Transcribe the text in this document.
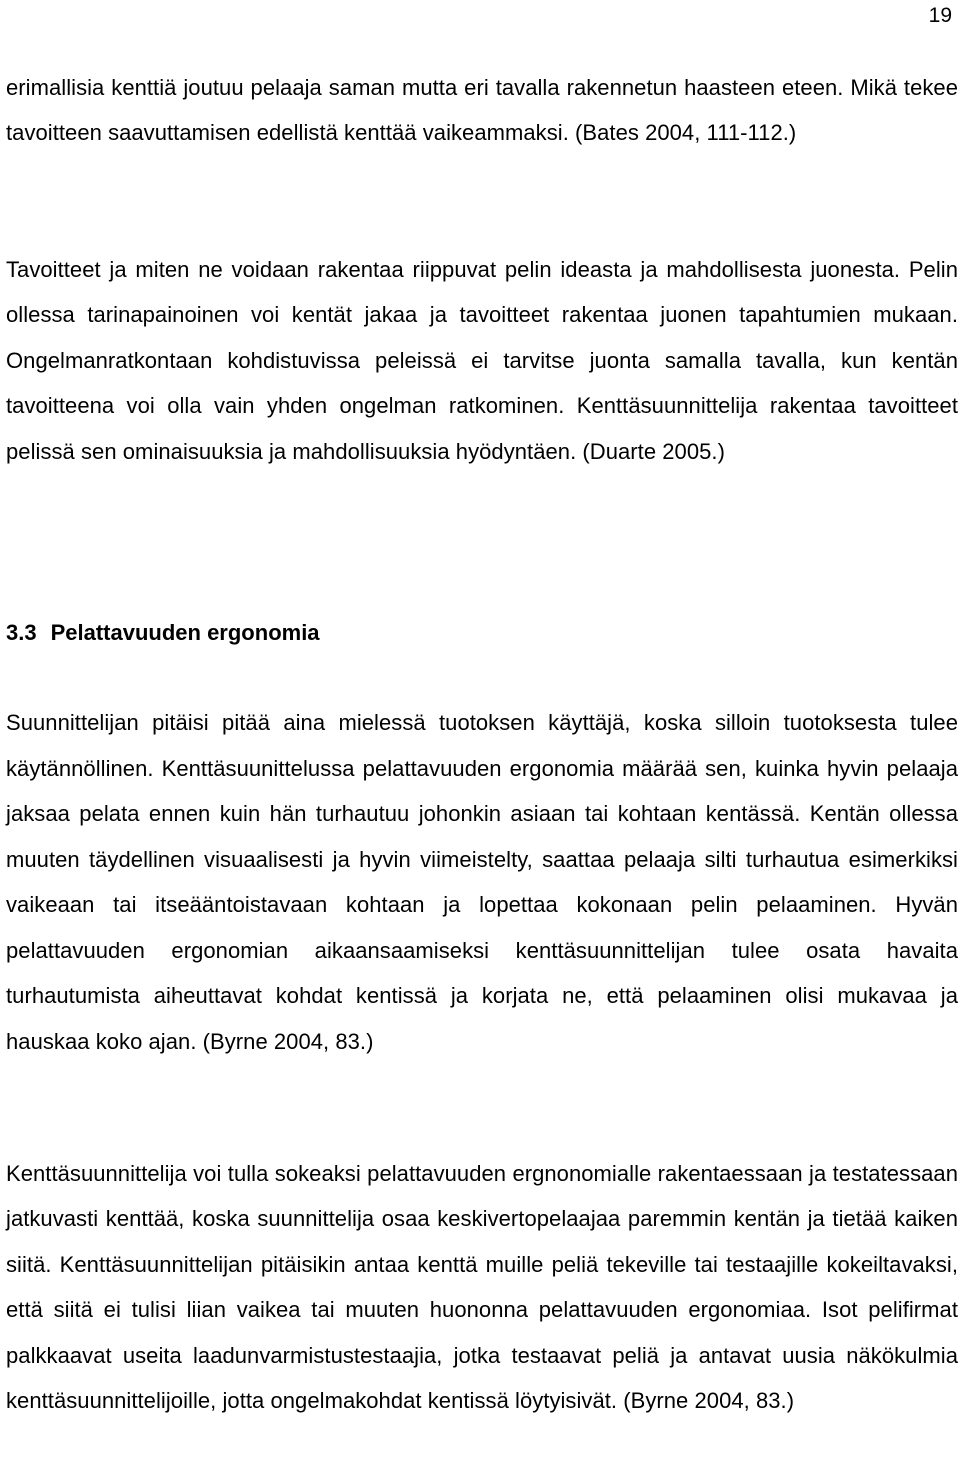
19

erimallisia kenttiä joutuu pelaaja saman mutta eri tavalla rakennetun haasteen eteen. Mikä tekee tavoitteen saavuttamisen edellistä kenttää vaikeammaksi. (Bates 2004, 111-112.)

Tavoitteet ja miten ne voidaan rakentaa riippuvat pelin ideasta ja mahdollisesta juonesta. Pelin ollessa tarinapainoinen voi kentät jakaa ja tavoitteet rakentaa juonen tapahtumien mukaan. Ongelmanratkontaan kohdistuvissa peleissä ei tarvitse juonta samalla tavalla, kun kentän tavoitteena voi olla vain yhden ongelman ratkominen. Kenttäsuunnittelija rakentaa tavoitteet pelissä sen ominaisuuksia ja mahdollisuuksia hyödyntäen. (Duarte 2005.)

3.3 Pelattavuuden ergonomia

Suunnittelijan pitäisi pitää aina mielessä tuotoksen käyttäjä, koska silloin tuotoksesta tulee käytännöllinen. Kenttäsuunittelussa pelattavuuden ergonomia määrää sen, kuinka hyvin pelaaja jaksaa pelata ennen kuin hän turhautuu johonkin asiaan tai kohtaan kentässä. Kentän ollessa muuten täydellinen visuaalisesti ja hyvin viimeistelty, saattaa pelaaja silti turhautua esimerkiksi vaikeaan tai itseääntoistavaan kohtaan ja lopettaa kokonaan pelin pelaaminen. Hyvän pelattavuuden ergonomian aikaansaamiseksi kenttäsuunnittelijan tulee osata havaita turhautumista aiheuttavat kohdat kentissä ja korjata ne, että pelaaminen olisi mukavaa ja hauskaa koko ajan. (Byrne 2004, 83.)

Kenttäsuunnittelija voi tulla sokeaksi pelattavuuden ergnonomialle rakentaessaan ja testatessaan jatkuvasti kenttää, koska suunnittelija osaa keskivertopelaajaa paremmin kentän ja tietää kaiken siitä. Kenttäsuunnittelijan pitäisikin antaa kenttä muille peliä tekeville tai testaajille kokeiltavaksi, että siitä ei tulisi liian vaikea tai muuten huononna pelattavuuden ergonomiaa. Isot pelifirmat palkkaavat useita laadunvarmistustestaajia, jotka testaavat peliä ja antavat uusia näkökulmia kenttäsuunnittelijoille, jotta ongelmakohdat kentissä löytyisivät. (Byrne 2004, 83.)
